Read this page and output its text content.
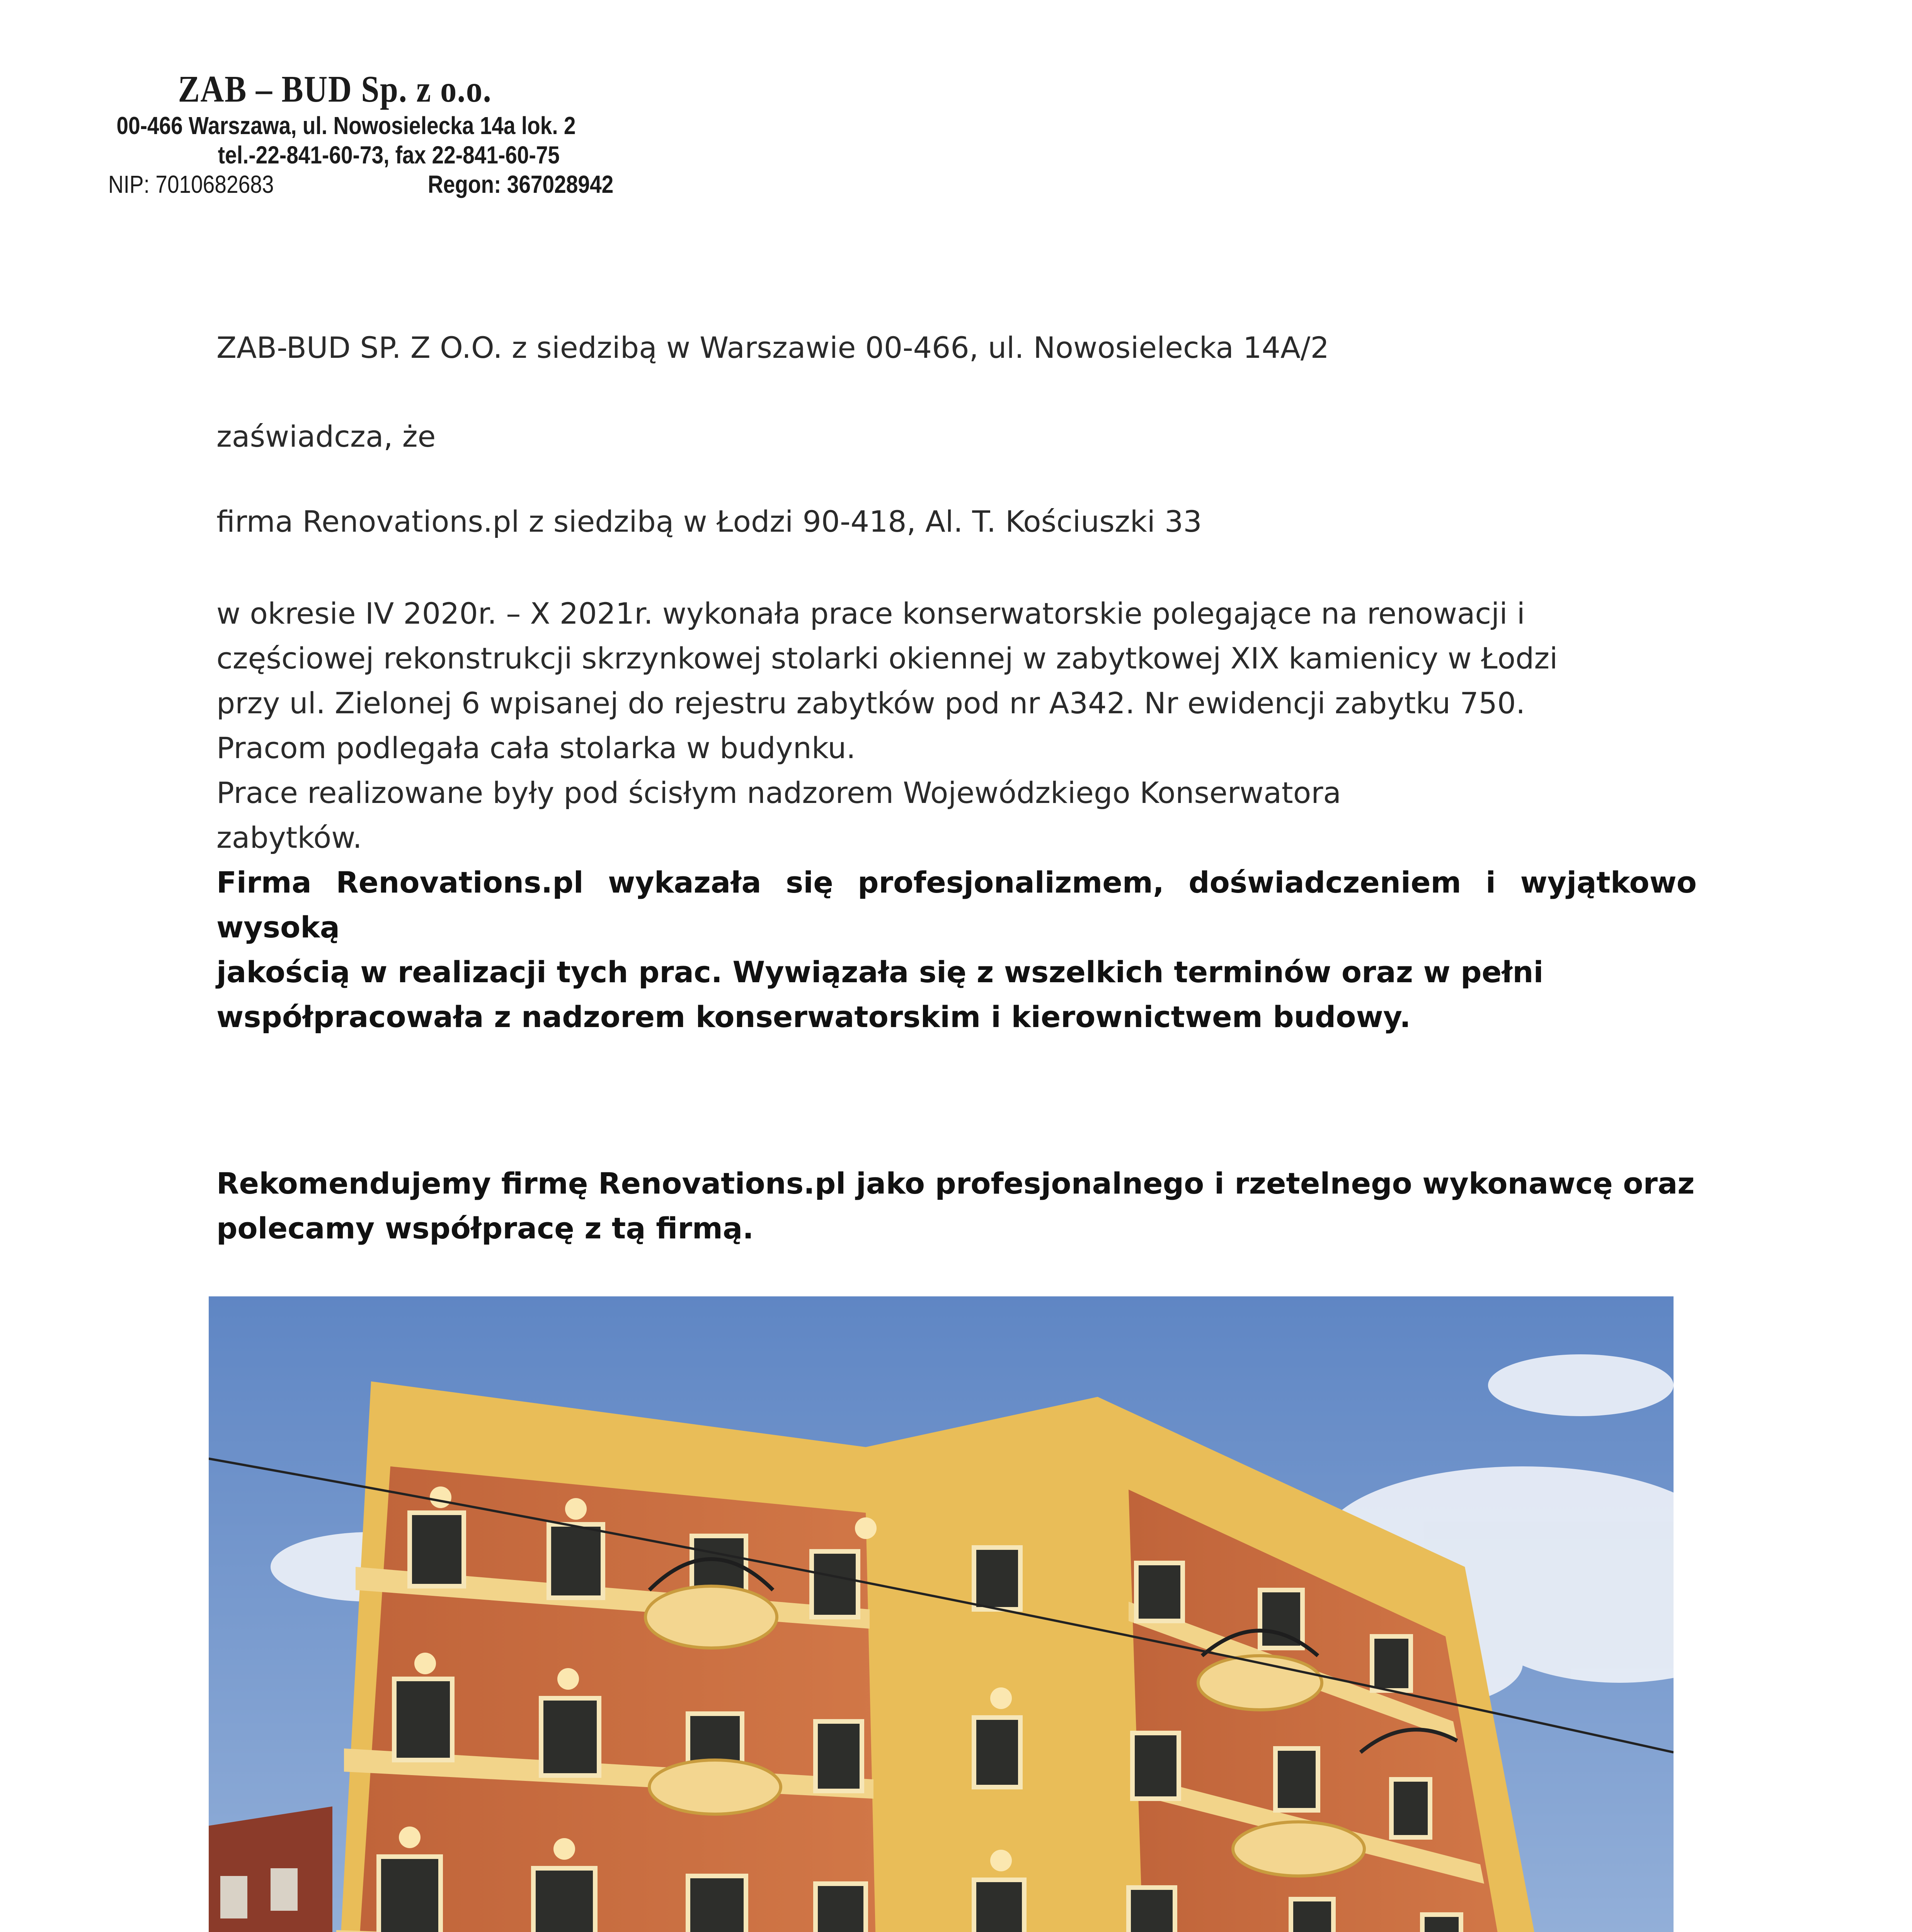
ZAB – BUD Sp. z o.o.
00-466 Warszawa, ul. Nowosielecka 14a lok. 2
tel.-22-841-60-73, fax 22-841-60-75
NIP: 7010682683	Regon: 367028942
ZAB-BUD SP. Z O.O. z siedzibą w Warszawie 00-466, ul. Nowosielecka 14A/2
zaświadcza, że
firma Renovations.pl z siedzibą w Łodzi 90-418, Al. T. Kościuszki 33
w okresie IV 2020r. – X 2021r. wykonała prace konserwatorskie polegające na renowacji i
częściowej rekonstrukcji skrzynkowej stolarki okiennej w zabytkowej XIX kamienicy w Łodzi
przy ul. Zielonej 6 wpisanej do rejestru zabytków pod nr A342. Nr ewidencji zabytku 750.
Pracom podlegała cała stolarka w budynku.
Prace realizowane były pod ścisłym nadzorem Wojewódzkiego Konserwatora
zabytków.
Firma Renovations.pl wykazała się profesjonalizmem, doświadczeniem i wyjątkowo wysoką
jakością w realizacji tych prac. Wywiązała się z wszelkich terminów oraz w pełni
współpracowała z nadzorem konserwatorskim i kierownictwem budowy.
Rekomendujemy firmę Renovations.pl jako profesjonalnego i rzetelnego wykonawcę oraz
polecamy współpracę z tą firmą.
